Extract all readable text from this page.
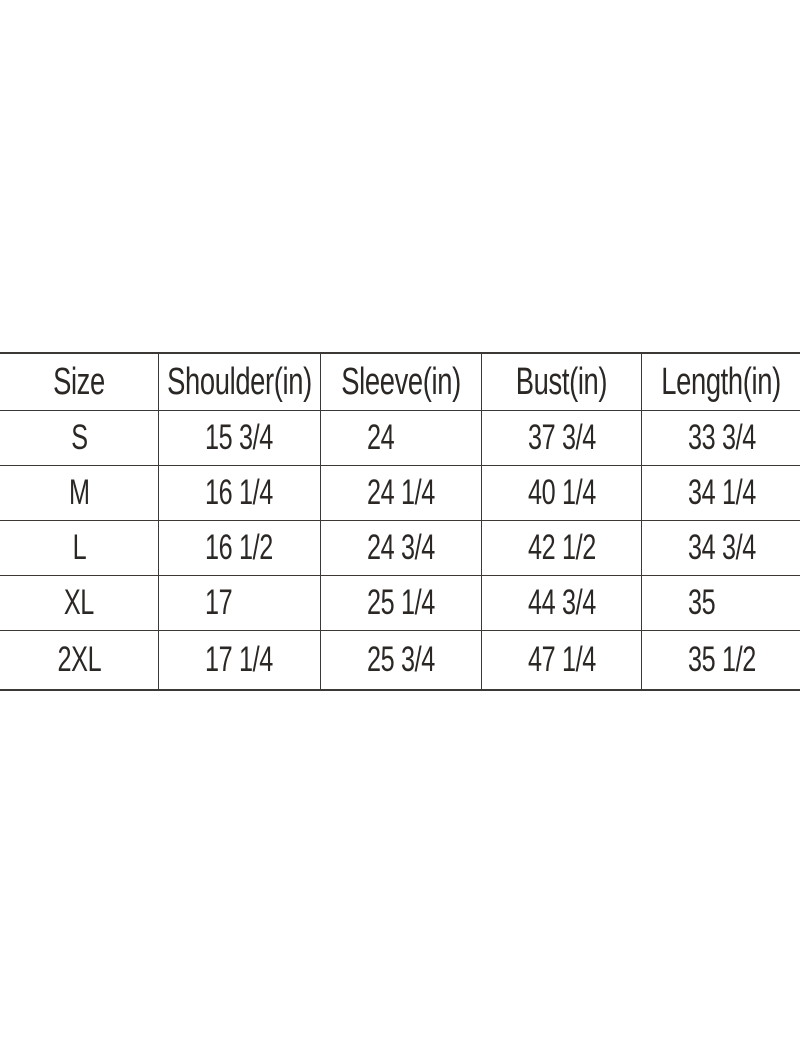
Size Shoulder(in) Sleeve(in) Bust(in) Length(in)
S	15 3/4	24	37 3/4	33 3/4
M	16 1/4	24 1/4	40 1/4	34 1/4
L	16 1/2	24 3/4	42 1/2	34 3/4
XL	17	25 1/4	44 3/4	35
2XL	17 1/4	25 3/4	47 1/4	35 1/2
